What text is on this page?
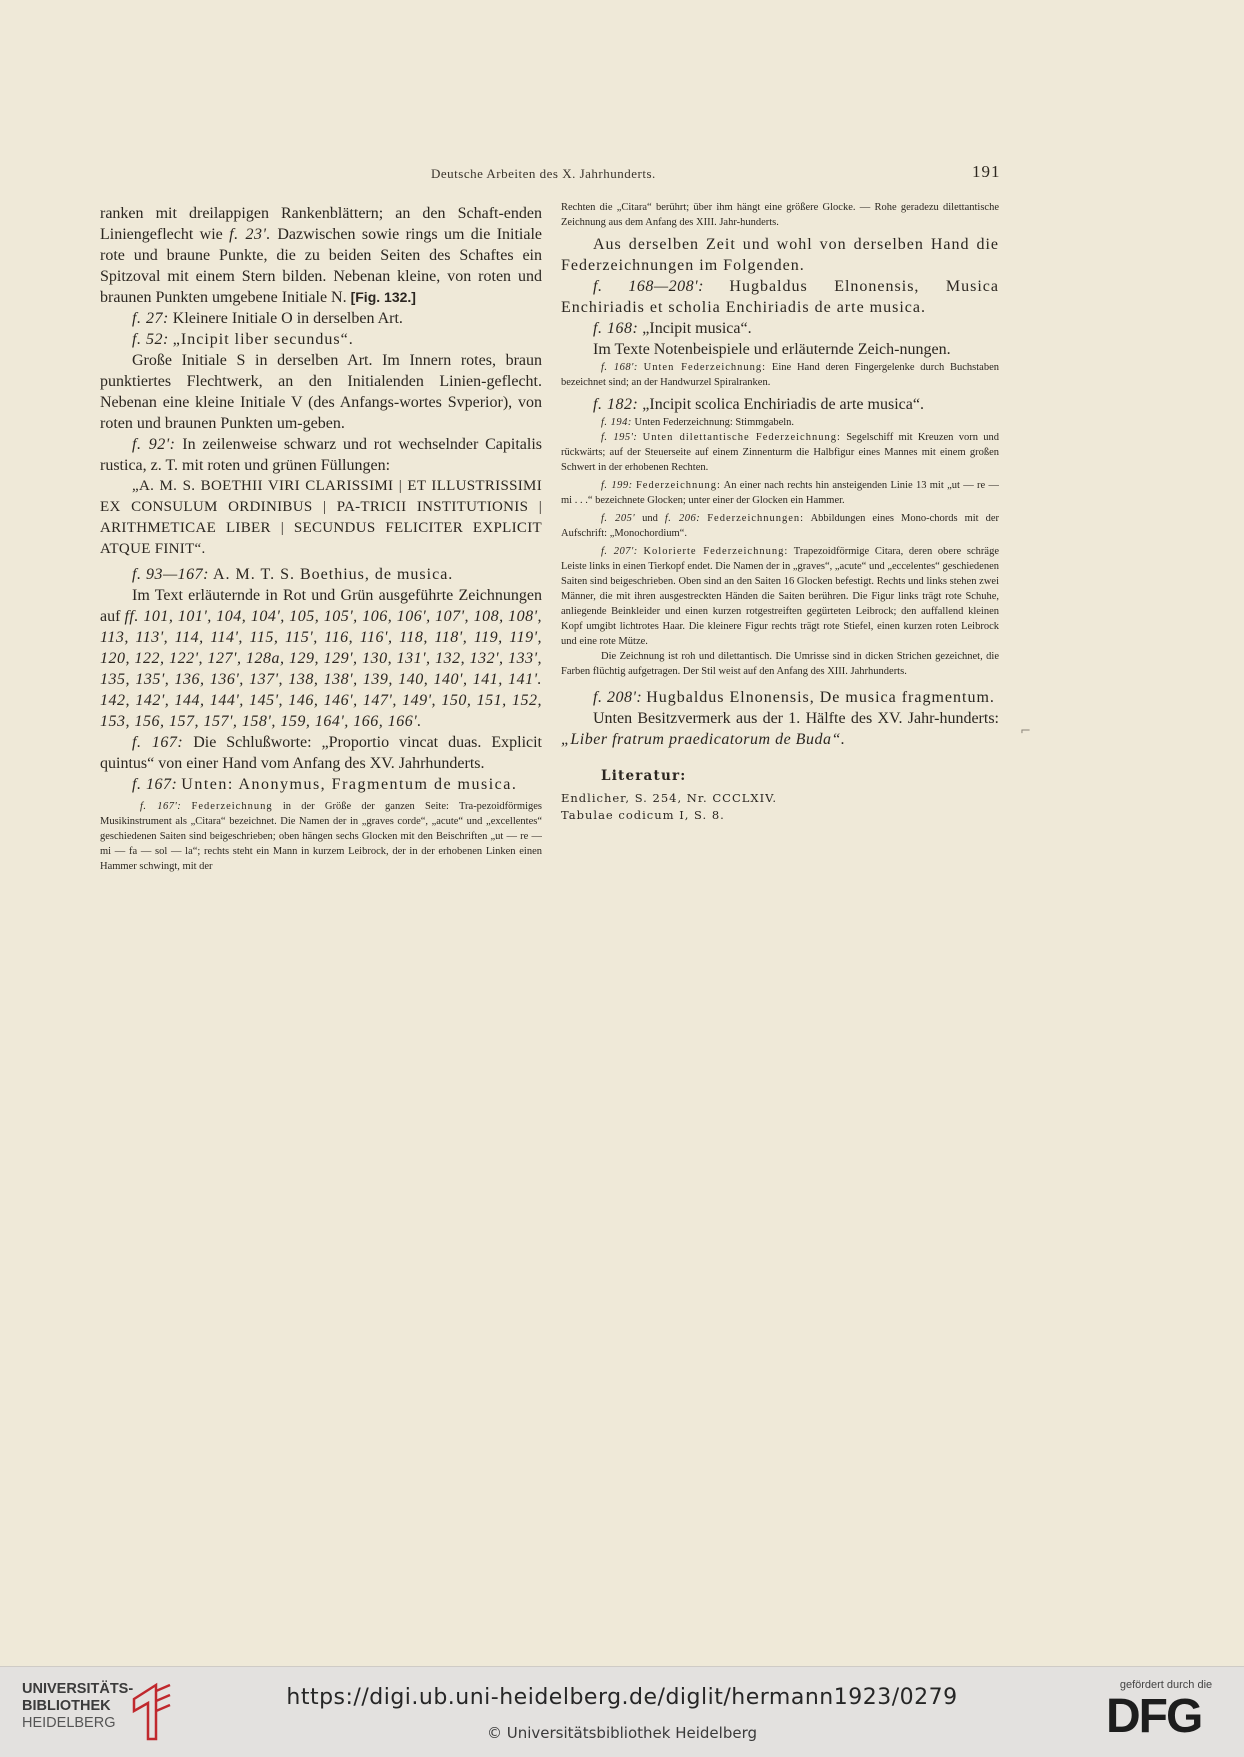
Deutsche Arbeiten des X. Jahrhunderts.	191

ranken mit dreilappigen Rankenblättern; an den Schaft-enden Liniengeflecht wie f. 23'. Dazwischen sowie rings um die Initiale rote und braune Punkte, die zu beiden Seiten des Schaftes ein Spitzoval mit einem Stern bilden. Nebenan kleine, von roten und braunen Punkten umgebene Initiale N. [Fig. 132.]

f. 27: Kleinere Initiale O in derselben Art.

f. 52: „Incipit liber secundus“.

Große Initiale S in derselben Art. Im Innern rotes, braun punktiertes Flechtwerk, an den Initialenden Linien-geflecht. Nebenan eine kleine Initiale V (des Anfangs-wortes Svperior), von roten und braunen Punkten um-geben.

f. 92': In zeilenweise schwarz und rot wechselnder Capitalis rustica, z. T. mit roten und grünen Füllungen:

„A. M. S. BOETHII VIRI CLARISSIMI | ET ILLUSTRISSIMI EX CONSULUM ORDINIBUS | PA-TRICII INSTITUTIONIS | ARITHMETICAE LIBER | SECUNDUS FELICITER EXPLICIT ATQUE FINIT“.

f. 93—167: A. M. T. S. Boethius, de musica.

Im Text erläuternde in Rot und Grün ausgeführte Zeichnungen auf ff. 101, 101', 104, 104', 105, 105', 106, 106', 107', 108, 108', 113, 113', 114, 114', 115, 115', 116, 116', 118, 118', 119, 119', 120, 122, 122', 127', 128a, 129, 129', 130, 131', 132, 132', 133', 135, 135', 136, 136', 137', 138, 138', 139, 140, 140', 141, 141'. 142, 142', 144, 144', 145', 146, 146', 147', 149', 150, 151, 152, 153, 156, 157, 157', 158', 159, 164', 166, 166'.

f. 167: Die Schlußworte: „Proportio vincat duas. Explicit quintus“ von einer Hand vom Anfang des XV. Jahrhunderts.

f. 167: Unten: Anonymus, Fragmentum de musica.

f. 167': Federzeichnung in der Größe der ganzen Seite: Tra-pezoidförmiges Musikinstrument als „Citara“ bezeichnet. Die Namen der in „graves corde“, „acute“ und „excellentes“ geschiedenen Saiten sind beigeschrieben; oben hängen sechs Glocken mit den Beischriften „ut — re — mi — fa — sol — la“; rechts steht ein Mann in kurzem Leibrock, der in der erhobenen Linken einen Hammer schwingt, mit der

Rechten die „Citara“ berührt; über ihm hängt eine größere Glocke. — Rohe geradezu dilettantische Zeichnung aus dem Anfang des XIII. Jahr-hunderts.

Aus derselben Zeit und wohl von derselben Hand die Federzeichnungen im Folgenden.

f. 168—208': Hugbaldus Elnonensis, Musica Enchiriadis et scholia Enchiriadis de arte musica.

f. 168: „Incipit musica“.

Im Texte Notenbeispiele und erläuternde Zeich-nungen.

f. 168': Unten Federzeichnung: Eine Hand deren Fingergelenke durch Buchstaben bezeichnet sind; an der Handwurzel Spiralranken.

f. 182: „Incipit scolica Enchiriadis de arte musica“.

f. 194: Unten Federzeichnung: Stimmgabeln.

f. 195': Unten dilettantische Federzeichnung: Segelschiff mit Kreuzen vorn und rückwärts; auf der Steuerseite auf einem Zinnenturm die Halbfigur eines Mannes mit einem großen Schwert in der erhobenen Rechten.

f. 199: Federzeichnung: An einer nach rechts hin ansteigenden Linie 13 mit „ut — re — mi . . .“ bezeichnete Glocken; unter einer der Glocken ein Hammer.

f. 205' und f. 206: Federzeichnungen: Abbildungen eines Mono-chords mit der Aufschrift: „Monochordium“.

f. 207': Kolorierte Federzeichnung: Trapezoidförmige Citara, deren obere schräge Leiste links in einen Tierkopf endet. Die Namen der in „graves“, „acute“ und „eccelentes“ geschiedenen Saiten sind beigeschrieben. Oben sind an den Saiten 16 Glocken befestigt. Rechts und links stehen zwei Männer, die mit ihren ausgestreckten Händen die Saiten berühren. Die Figur links trägt rote Schuhe, anliegende Beinkleider und einen kurzen rotgestreiften gegürteten Leibrock; den auffallend kleinen Kopf umgibt lichtrotes Haar. Die kleinere Figur rechts trägt rote Stiefel, einen kurzen roten Leibrock und eine rote Mütze.

Die Zeichnung ist roh und dilettantisch. Die Umrisse sind in dicken Strichen gezeichnet, die Farben flüchtig aufgetragen. Der Stil weist auf den Anfang des XIII. Jahrhunderts.

f. 208': Hugbaldus Elnonensis, De musica fragmentum.

Unten Besitzvermerk aus der 1. Hälfte des XV. Jahr-hunderts: „Liber fratrum praedicatorum de Buda“.

Literatur:

Endlicher, S. 254, Nr. CCCLXIV.

Tabulae codicum I, S. 8.

⌐
UNIVERSITÄTS-
BIBLIOTHEK
HEIDELBERG
https://digi.ub.uni-heidelberg.de/diglit/hermann1923/0279
© Universitätsbibliothek Heidelberg
gefördert durch die
DFG
